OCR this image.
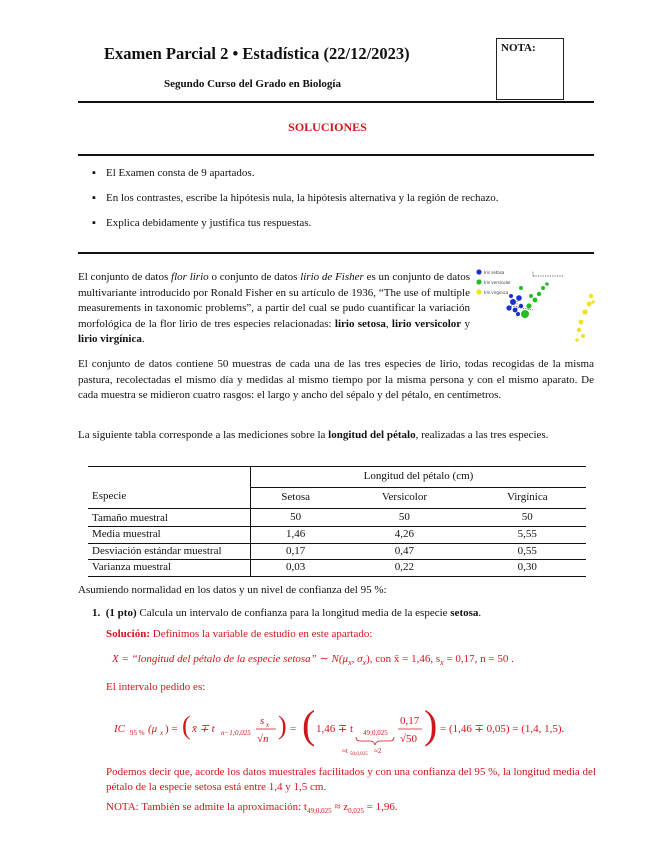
Examen Parcial 2 • Estadística (22/12/2023)
Segundo Curso del Grado en Biología
NOTA:
SOLUCIONES
▪ El Examen consta de 9 apartados.
▪ En los contrastes, escribe la hipótesis nula, la hipótesis alternativa y la región de rechazo.
▪ Explica debidamente y justifica tus respuestas.
El conjunto de datos flor lirio o conjunto de datos lirio de Fisher es un conjunto de datos multivariante introducido por Ronald Fisher en su artículo de 1936, “The use of multiple measurements in taxonomic problems”, a partir del cual se pudo cuantificar la variación morfológica de la flor lirio de tres especies relacionadas: lirio setosa, lirio versicolor y lirio virgínica.
Iris setosa
Iris versicolor
Iris virginica
El conjunto de datos contiene 50 muestras de cada una de las tres especies de lirio, todas recogidas de la misma pastura, recolectadas el mismo día y medidas al mismo tiempo por la misma persona y con el mismo aparato. De cada muestra se midieron cuatro rasgos: el largo y ancho del sépalo y del pétalo, en centímetros.
La siguiente tabla corresponde a las mediciones sobre la longitud del pétalo, realizadas a las tres especies.
	Longitud del pétalo (cm)		
Especie	Setosa	Versicolor	Virgínica
Tamaño muestral	50	50	50
Media muestral	1,46	4,26	5,55
Desviación estándar muestral	0,17	0,47	0,55
Varianza muestral	0,03	0,22	0,30
Asumiendo normalidad en los datos y un nivel de confianza del 95 %:
1. (1 pto) Calcula un intervalo de confianza para la longitud media de la especie setosa.
Solución: Definimos la variable de estudio en este apartado:
X = “longitud del pétalo de la especie setosa” ∼ $N(\mu_x$, $\sigma_x$), con x̄ = 1,46, $s_x = 0,17$, n = 50 .
El intervalo pedido es:
IC 95 % (μ x ) = ( x̄ ∓ t n−1;0,025
s x
√n ) = ( 1,46 ∓ t 49;0,025
≈t 50;0,025 ≈2
0,17
√50 ) = (1,46 ∓ 0,05) = (1,4, 1,5).
Podemos decir que, acorde los datos muestrales facilitados y con una confianza del 95 %, la longitud media del pétalo de la especie setosa está entre 1,4 y 1,5 cm.
NOTA: También se admite la aproximación: $t_{49;0,025} \approx z_{0,025} = 1,96$.
